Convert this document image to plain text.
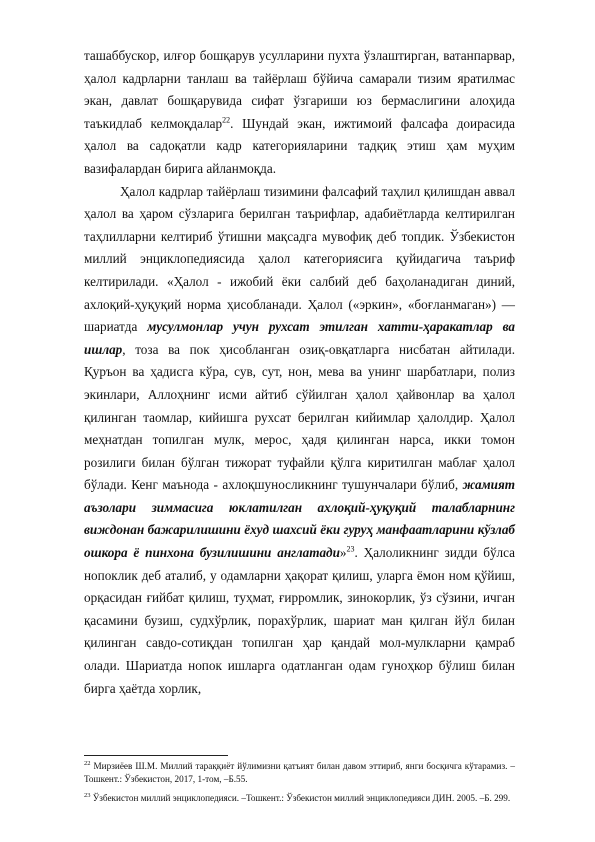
ташаббускор, илғор бошқарув усулларини пухта ўзлаштирган, ватанпарвар, ҳалол кадрларни танлаш ва тайёрлаш бўйича самарали тизим яратилмас экан, давлат бошқарувида сифат ўзгариши юз бермаслигини алоҳида таъкидлаб келмоқдалар$^{22}$. Шундай экан, ижтимоий фалсафа доирасида ҳалол ва садоқатли кадр категорияларини тадқиқ этиш ҳам муҳим вазифалардан бирига айланмоқда.

Ҳалол кадрлар тайёрлаш тизимини фалсафий таҳлил қилишдан аввал ҳалол ва ҳаром сўзларига берилган таърифлар, адабиётларда келтирилган таҳлилларни келтириб ўтишни мақсадга мувофиқ деб топдик. Ўзбекистон миллий энциклопедиясида ҳалол категориясига қуйидагича таъриф келтирилади. «Ҳалол - ижобий ёки салбий деб баҳоланадиган диний, ахлоқий-ҳуқуқий норма ҳисобланади. Ҳалол («эркин», «боғланмаган») — шариатда мусулмонлар учун рухсат этилган хатти-ҳаракатлар ва ишлар, тоза ва пок ҳисобланган озиқ-овқатларга нисбатан айтилади. Қуръон ва ҳадисга кўра, сув, сут, нон, мева ва унинг шарбатлари, полиз экинлари, Аллоҳнинг исми айтиб сўйилган ҳалол ҳайвонлар ва ҳалол қилинган таомлар, кийишга рухсат берилган кийимлар ҳалолдир. Ҳалол меҳнатдан топилган мулк, мерос, ҳадя қилинган нарса, икки томон розилиги билан бўлган тижорат туфайли қўлга киритилган маблағ ҳалол бўлади. Кенг маънода - ахлоқшуносликнинг тушунчалари бўлиб, жамият аъзолари зиммасига юклатилган ахлоқий-ҳуқуқий талабларнинг виждонан бажарилишини ёхуд шахсий ёки гуруҳ манфаатларини кўзлаб ошкора ё пинхона бузилишини англатади»$^{23}$. Ҳалоликнинг зидди бўлса нопоклик деб аталиб, у одамларни ҳақорат қилиш, уларга ёмон ном қўйиш, орқасидан ғийбат қилиш, туҳмат, ғирромлик, зинокорлик, ўз сўзини, ичган қасамини бузиш, судхўрлик, порахўрлик, шариат ман қилган йўл билан қилинган савдо-сотиқдан топилган ҳар қандай мол-мулкларни қамраб олади. Шариатда нопок ишларга одатланган одам гуноҳкор бўлиш билан бирга ҳаётда хорлик,

$^{22}$ Мирзиёев Ш.М. Миллий тараққиёт йўлимизни қатъият билан давом эттириб, янги босқичга кўтарамиз. –Тошкент.: Ўзбекистон, 2017, 1-том, –Б.55.

$^{23}$ Ўзбекистон миллий энциклопедияси. –Тошкент.: Ўзбекистон миллий энциклопедияси ДИН. 2005. –Б. 299.
